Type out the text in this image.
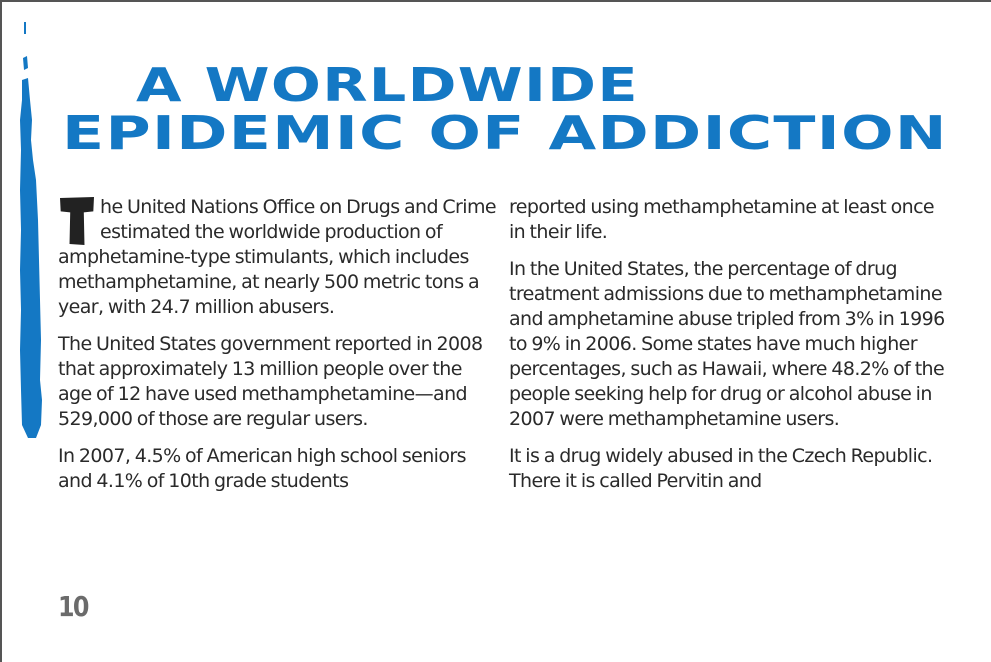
A WORLDWIDE
EPIDEMIC OF ADDICTION

he United Nations Office on Drugs and Crime estimated the worldwide production of amphetamine-type stimulants, which includes methamphetamine, at nearly 500 metric tons a year, with 24.7 million abusers.

The United States government reported in 2008 that approximately 13 million people over the age of 12 have used methamphetamine—and 529,000 of those are regular users.

In 2007, 4.5% of American high school seniors and 4.1% of 10th grade students

reported using methamphetamine at least once in their life.

In the United States, the percentage of drug treatment admissions due to methamphetamine and amphetamine abuse tripled from 3% in 1996 to 9% in 2006. Some states have much higher percentages, such as Hawaii, where 48.2% of the people seeking help for drug or alcohol abuse in 2007 were methamphetamine users.

It is a drug widely abused in the Czech Republic. There it is called Pervitin and

10
